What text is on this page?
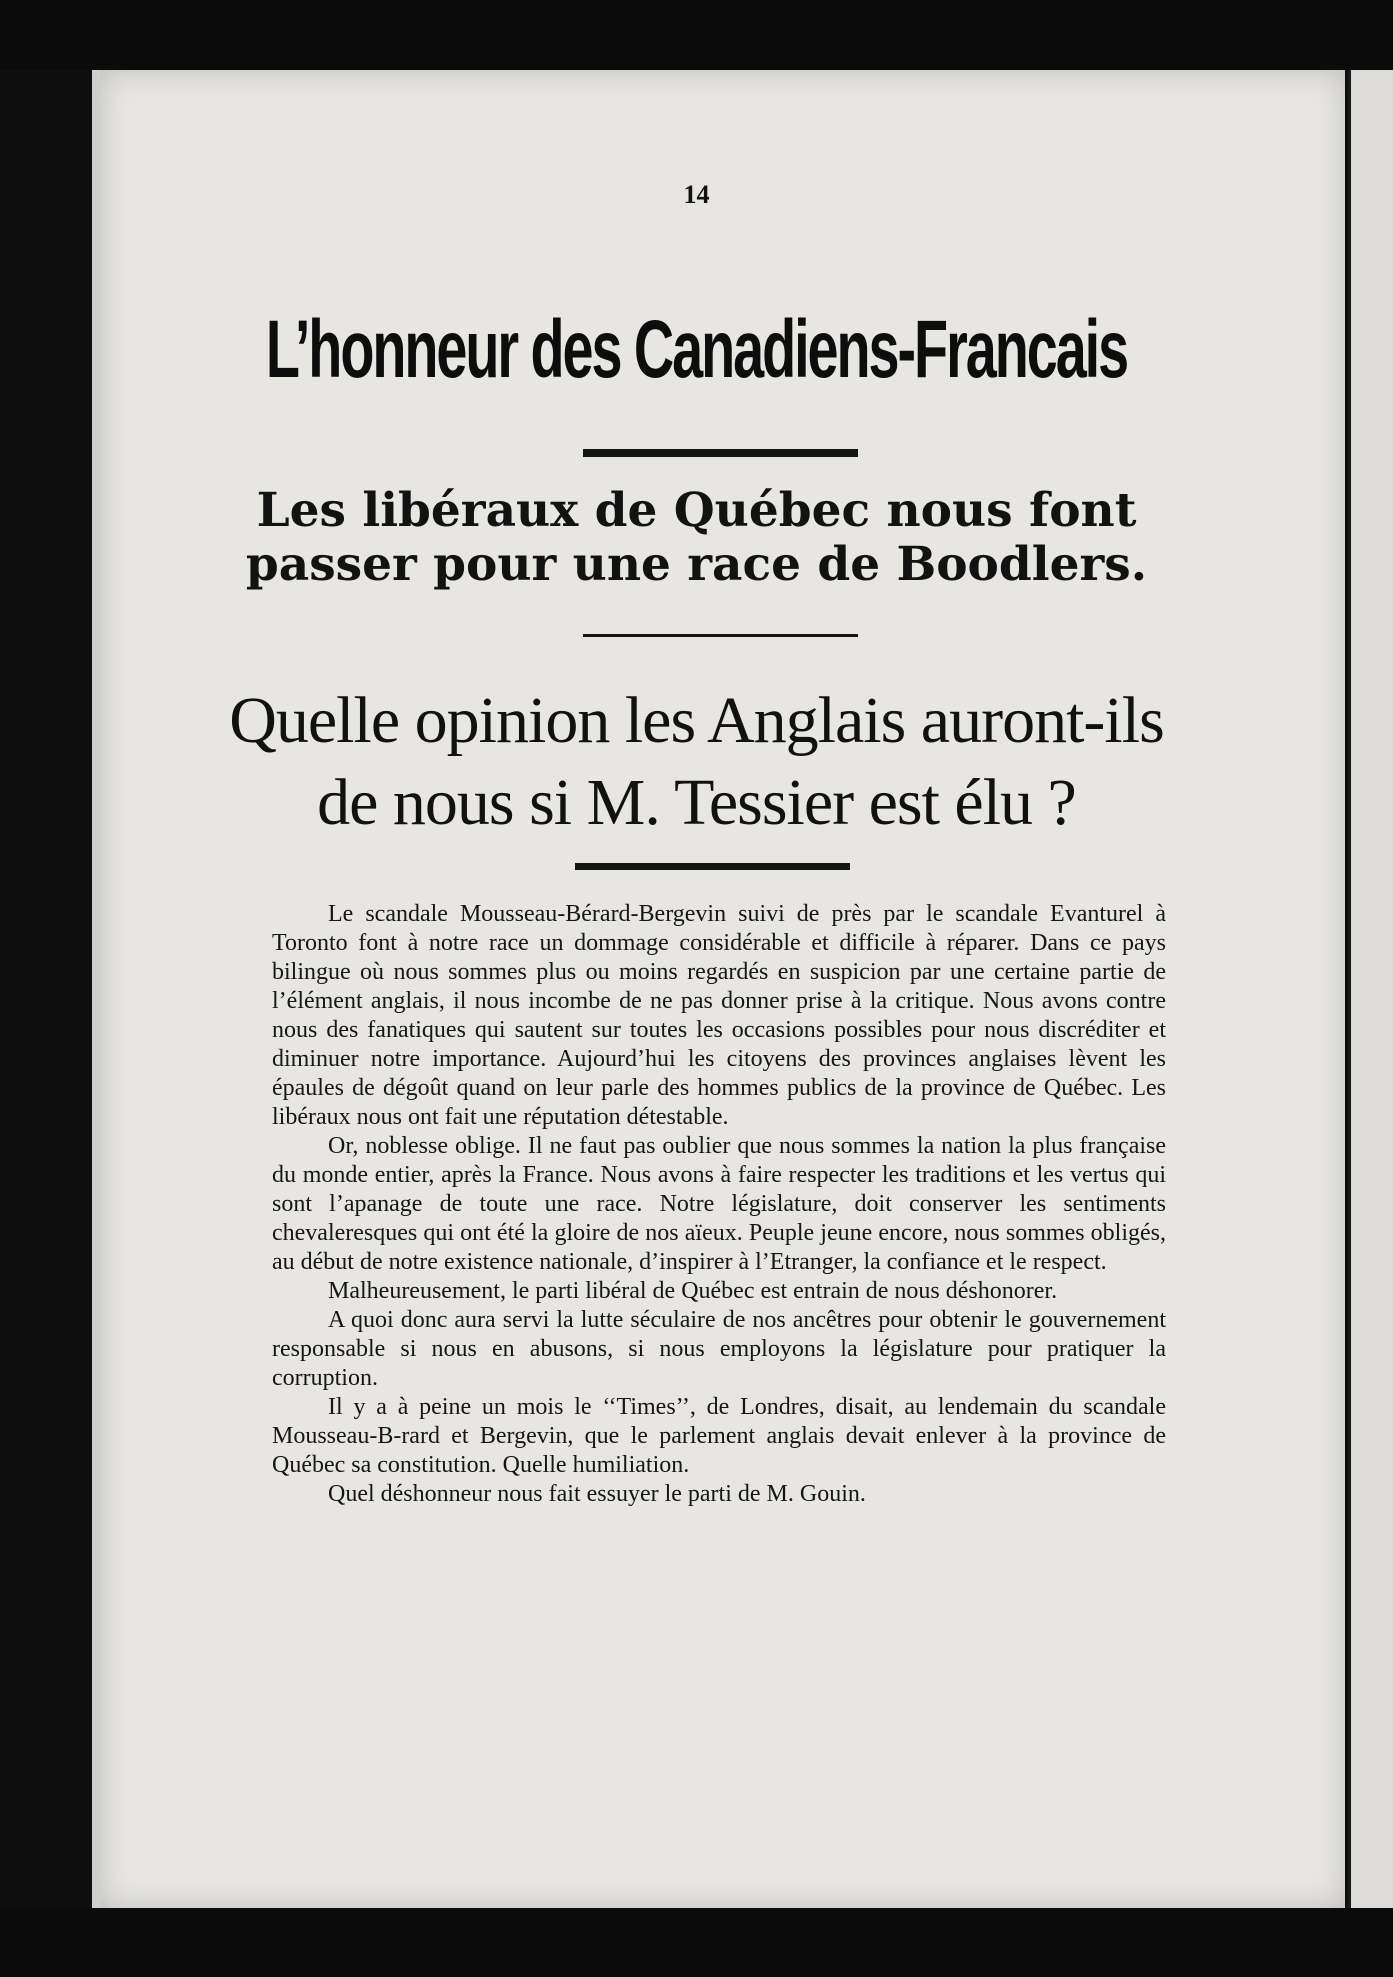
14
L’honneur des Canadiens-Francais
Les libéraux de Québec nous font
passer pour une race de Boodlers.
Quelle opinion les Anglais auront-ils
de nous si M. Tessier est élu ?

Le scandale Mousseau-Bérard-Bergevin suivi de près par le scandale Evanturel à Toronto font à notre race un dommage considérable et difficile à réparer. Dans ce pays bilingue où nous sommes plus ou moins regardés en suspicion par une certaine partie de l’élément anglais, il nous incombe de ne pas donner prise à la critique. Nous avons contre nous des fanatiques qui sautent sur toutes les occasions possibles pour nous discréditer et diminuer notre importance. Aujourd’hui les citoyens des provinces anglaises lèvent les épaules de dégoût quand on leur parle des hommes publics de la province de Québec. Les libéraux nous ont fait une réputation détestable.

Or, noblesse oblige. Il ne faut pas oublier que nous sommes la nation la plus française du monde entier, après la France. Nous avons à faire respecter les traditions et les vertus qui sont l’apanage de toute une race. Notre législature, doit conserver les sentiments chevaleresques qui ont été la gloire de nos aïeux. Peuple jeune encore, nous sommes obligés, au début de notre existence nationale, d’inspirer à l’Etranger, la confiance et le respect.

Malheureusement, le parti libéral de Québec est entrain de nous déshonorer.

A quoi donc aura servi la lutte séculaire de nos ancêtres pour obtenir le gouvernement responsable si nous en abusons, si nous employons la législature pour pratiquer la corruption.

Il y a à peine un mois le ‘‘Times’’, de Londres, disait, au lendemain du scandale Mousseau-B-rard et Bergevin, que le parlement anglais devait enlever à la province de Québec sa constitution. Quelle humiliation.

Quel déshonneur nous fait essuyer le parti de M. Gouin.
